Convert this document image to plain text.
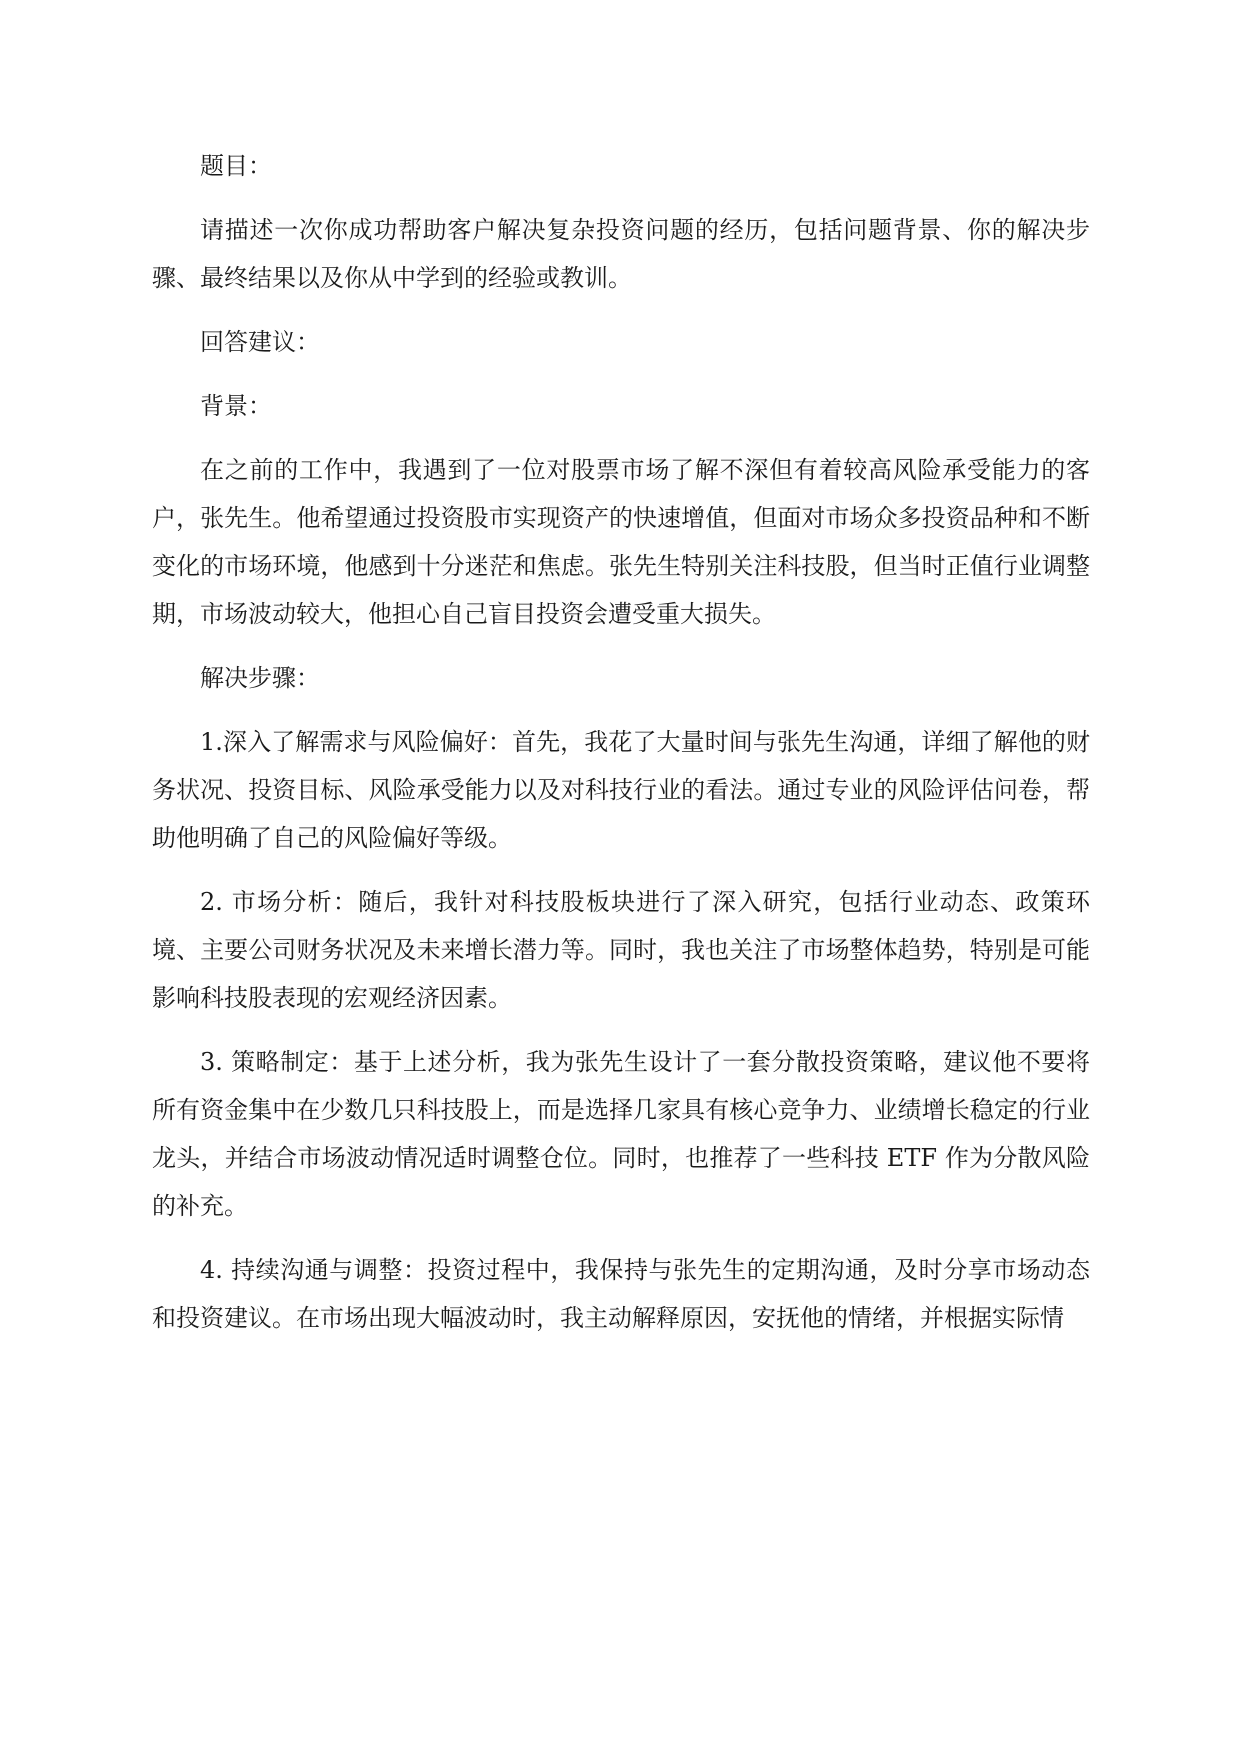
题目：

请描述一次你成功帮助客户解决复杂投资问题的经历，包括问题背景、你的解决步骤、最终结果以及你从中学到的经验或教训。

回答建议：

背景：

在之前的工作中，我遇到了一位对股票市场了解不深但有着较高风险承受能力的客户，张先生。他希望通过投资股市实现资产的快速增值，但面对市场众多投资品种和不断变化的市场环境，他感到十分迷茫和焦虑。张先生特别关注科技股，但当时正值行业调整期，市场波动较大，他担心自己盲目投资会遭受重大损失。

解决步骤：

1.深入了解需求与风险偏好：首先，我花了大量时间与张先生沟通，详细了解他的财务状况、投资目标、风险承受能力以及对科技行业的看法。通过专业的风险评估问卷，帮助他明确了自己的风险偏好等级。

2. 市场分析：随后，我针对科技股板块进行了深入研究，包括行业动态、政策环境、主要公司财务状况及未来增长潜力等。同时，我也关注了市场整体趋势，特别是可能影响科技股表现的宏观经济因素。

3. 策略制定：基于上述分析，我为张先生设计了一套分散投资策略，建议他不要将所有资金集中在少数几只科技股上，而是选择几家具有核心竞争力、业绩增长稳定的行业龙头，并结合市场波动情况适时调整仓位。同时，也推荐了一些科技 ETF 作为分散风险的补充。

4. 持续沟通与调整：投资过程中，我保持与张先生的定期沟通，及时分享市场动态和投资建议。在市场出现大幅波动时，我主动解释原因，安抚他的情绪，并根据实际情
